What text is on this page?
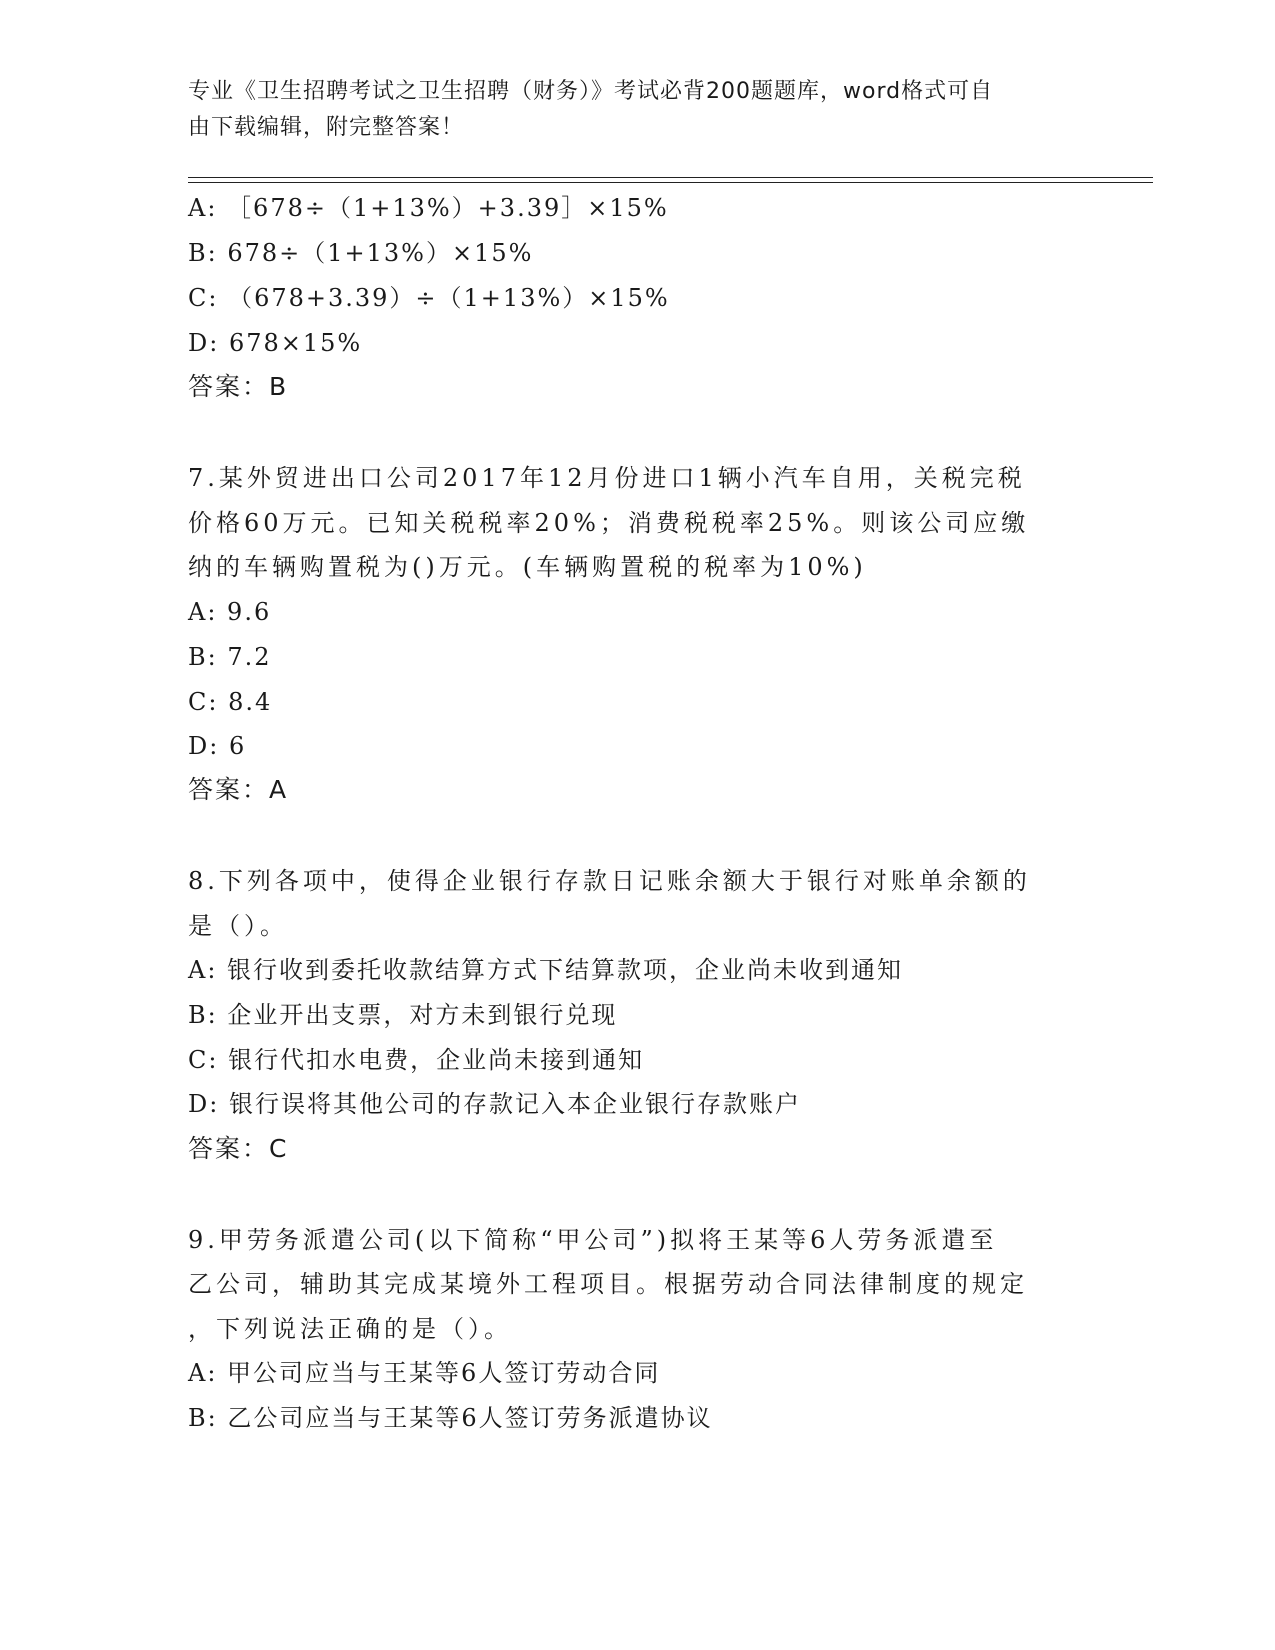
专业《卫生招聘考试之卫生招聘（财务）》考试必背200题题库，word格式可自
由下载编辑，附完整答案！
A: ［678÷（1+13%）+3.39］×15%
B: 678÷（1+13%）×15%
C: （678+3.39）÷（1+13%）×15%
D: 678×15%
答案：B
7.某外贸进出口公司2017年12月份进口1辆小汽车自用，关税完税
价格60万元。已知关税税率20%；消费税税率25%。则该公司应缴
纳的车辆购置税为()万元。(车辆购置税的税率为10%)
A: 9.6
B: 7.2
C: 8.4
D: 6
答案：A
8.下列各项中，使得企业银行存款日记账余额大于银行对账单余额的
是（）。
A: 银行收到委托收款结算方式下结算款项，企业尚未收到通知
B: 企业开出支票，对方未到银行兑现
C: 银行代扣水电费，企业尚未接到通知
D: 银行误将其他公司的存款记入本企业银行存款账户
答案：C
9.甲劳务派遣公司(以下简称“甲公司”)拟将王某等6人劳务派遣至
乙公司，辅助其完成某境外工程项目。根据劳动合同法律制度的规定
，下列说法正确的是（）。
A: 甲公司应当与王某等6人签订劳动合同
B: 乙公司应当与王某等6人签订劳务派遣协议
